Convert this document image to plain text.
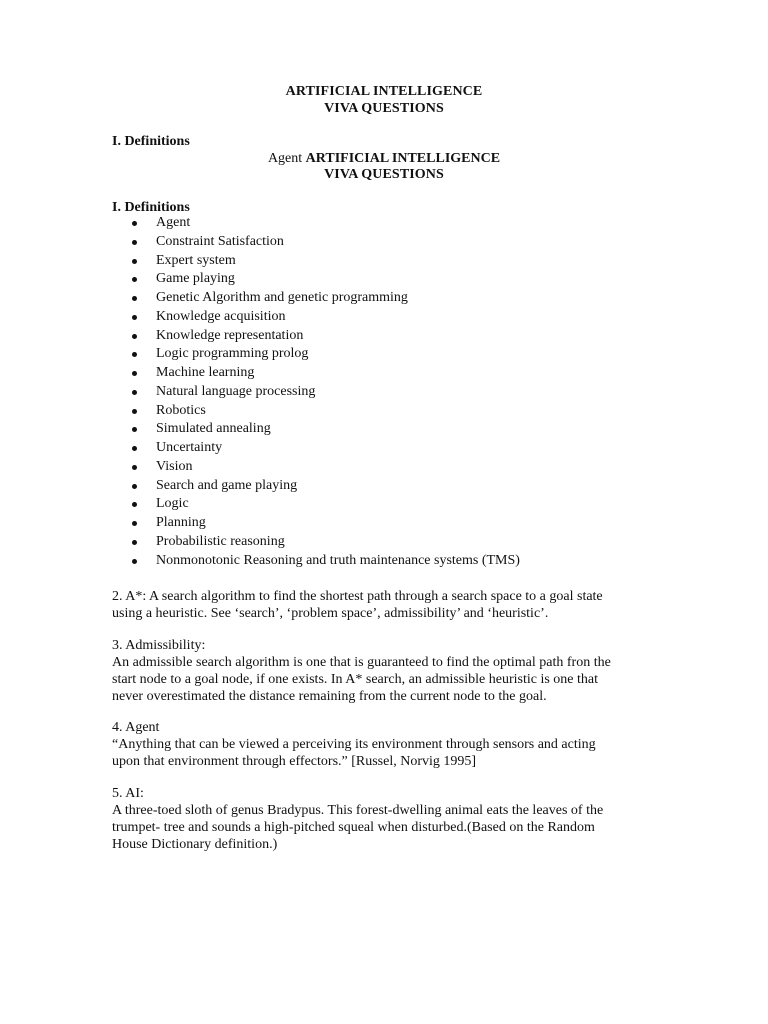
ARTIFICIAL INTELLIGENCE
VIVA QUESTIONS
I. Definitions
Agent ARTIFICIAL INTELLIGENCE
VIVA QUESTIONS
I. Definitions
Agent
Constraint Satisfaction
Expert system
Game playing
Genetic Algorithm and genetic programming
Knowledge acquisition
Knowledge representation
Logic programming prolog
Machine learning
Natural language processing
Robotics
Simulated annealing
Uncertainty
Vision
Search and game playing
Logic
Planning
Probabilistic reasoning
Nonmonotonic Reasoning and truth maintenance systems (TMS)
2. A*: A search algorithm to find the shortest path through a search space to a goal state
using a heuristic. See ‘search’, ‘problem space’, admissibility’ and ‘heuristic’.
3. Admissibility:
An admissible search algorithm is one that is guaranteed to find the optimal path fron the
start node to a goal node, if one exists. In A* search, an admissible heuristic is one that
never overestimated the distance remaining from the current node to the goal.
4. Agent
“Anything that can be viewed a perceiving its environment through sensors and acting
upon that environment through effectors.” [Russel, Norvig 1995]
5. AI:
A three-toed sloth of genus Bradypus. This forest-dwelling animal eats the leaves of the
trumpet- tree and sounds a high-pitched squeal when disturbed.(Based on the Random
House Dictionary definition.)
